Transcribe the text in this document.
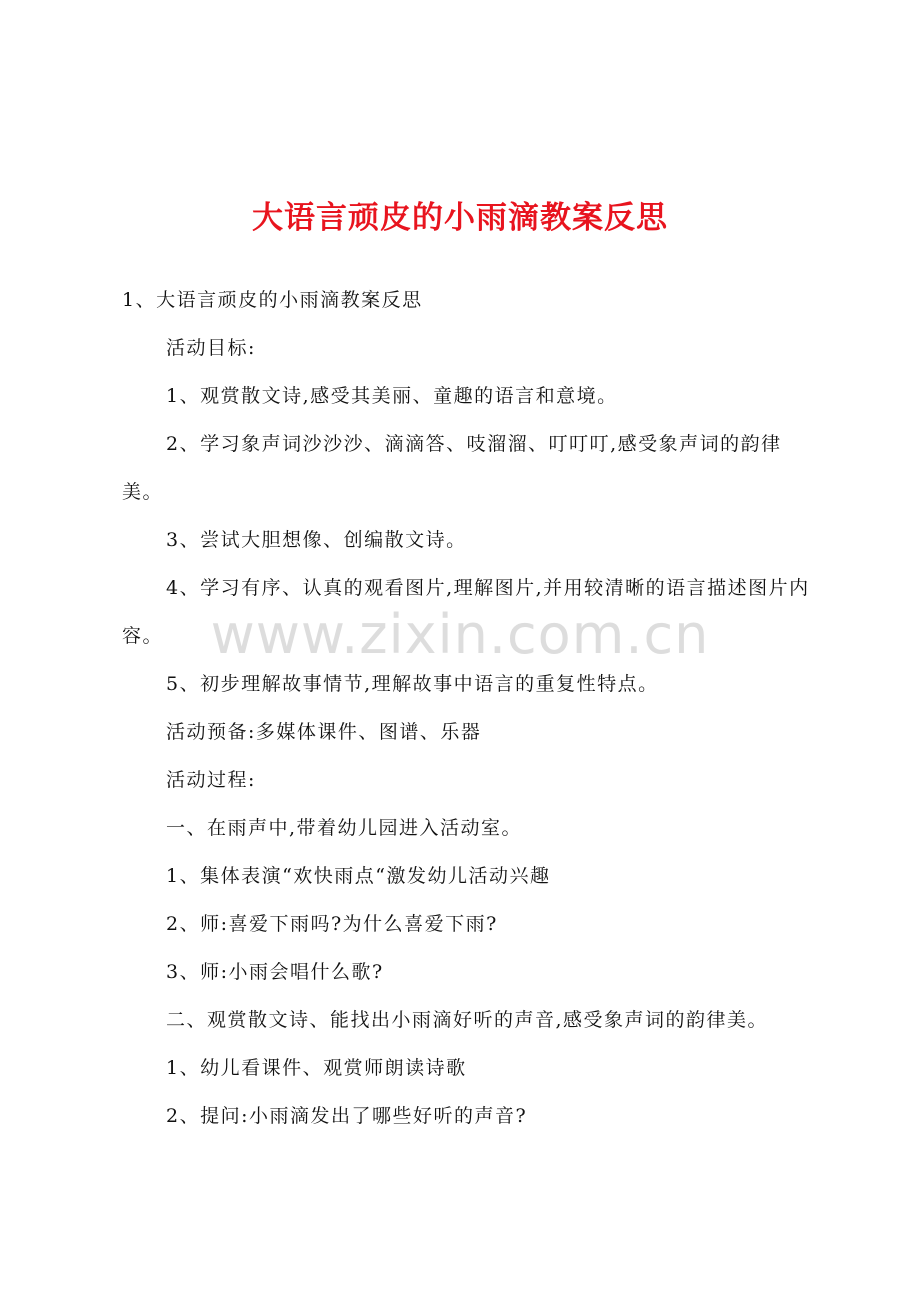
大语言顽皮的小雨滴教案反思

1、大语言顽皮的小雨滴教案反思

活动目标:

1、观赏散文诗,感受其美丽、童趣的语言和意境。

2、学习象声词沙沙沙、滴滴答、吱溜溜、叮叮叮,感受象声词的韵律美。

3、尝试大胆想像、创编散文诗。

4、学习有序、认真的观看图片,理解图片,并用较清晰的语言描述图片内容。

5、初步理解故事情节,理解故事中语言的重复性特点。

活动预备:多媒体课件、图谱、乐器

活动过程:

一、在雨声中,带着幼儿园进入活动室。

1、集体表演“欢快雨点“激发幼儿活动兴趣

2、师:喜爱下雨吗?为什么喜爱下雨?

3、师:小雨会唱什么歌?

二、观赏散文诗、能找出小雨滴好听的声音,感受象声词的韵律美。

1、幼儿看课件、观赏师朗读诗歌

2、提问:小雨滴发出了哪些好听的声音?

www.zixin.com.cn
